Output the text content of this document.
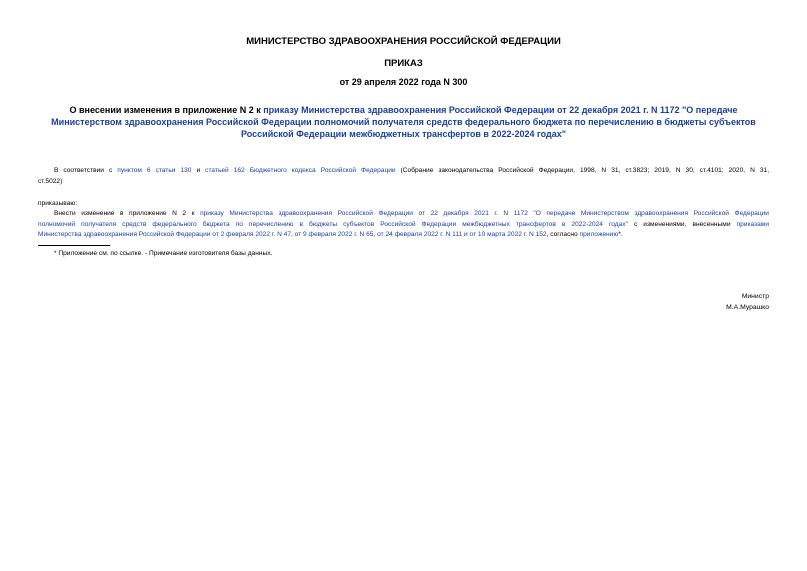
МИНИСТЕРСТВО ЗДРАВООХРАНЕНИЯ РОССИЙСКОЙ ФЕДЕРАЦИИ
ПРИКАЗ
от 29 апреля 2022 года N 300
О внесении изменения в приложение N 2 к приказу Министерства здравоохранения Российской Федерации от 22 декабря 2021 г. N 1172 "О передаче
Министерством здравоохранения Российской Федерации полномочий получателя средств федерального бюджета по перечислению в бюджеты субъектов
Российской Федерации межбюджетных трансфертов в 2022-2024 годах"
В соответствии с пунктом 6 статьи 130 и статьей 162 Бюджетного кодекса Российской Федерации (Собрание законодательства Российской Федерации, 1998, N 31, ст.3823; 2019, N 30, ст.4101; 2020, N 31,
ст.5022)
приказываю:
Внести изменение в приложение N 2 к приказу Министерства здравоохранения Российской Федерации от 22 декабря 2021 г. N 1172 "О передаче Министерством здравоохранения Российской Федерации
полномочий получателя средств федерального бюджета по перечислению в бюджеты субъектов Российской Федерации межбюджетных трансфертов в 2022-2024 годах" с изменениями, внесенными приказами
Министерства здравоохранения Российской Федерации от 2 февраля 2022 г. N 47, от 9 февраля 2022 г. N 65, от 24 февраля 2022 г. N 111 и от 10 марта 2022 г. N 152, согласно приложению*.
* Приложение см. по ссылке. - Примечание изготовителя базы данных.
Министр
М.А.Мурашко
